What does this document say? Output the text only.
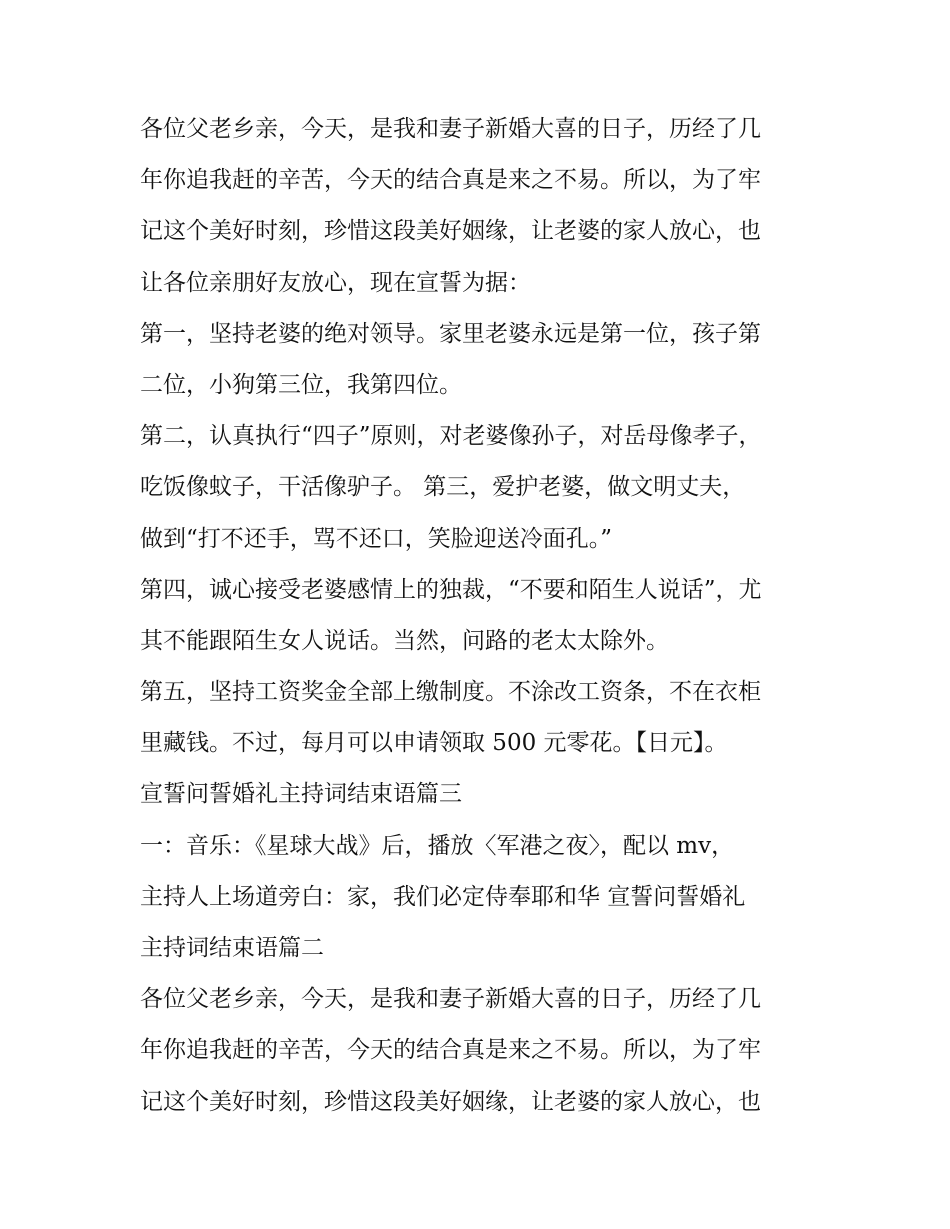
各位父老乡亲，今天，是我和妻子新婚大喜的日子，历经了几
年你追我赶的辛苦，今天的结合真是来之不易。所以，为了牢
记这个美好时刻，珍惜这段美好姻缘，让老婆的家人放心，也
让各位亲朋好友放心，现在宣誓为据：
第一，坚持老婆的绝对领导。家里老婆永远是第一位，孩子第
二位，小狗第三位，我第四位。
第二，认真执行“四子”原则，对老婆像孙子，对岳母像孝子，
吃饭像蚊子，干活像驴子。 第三，爱护老婆，做文明丈夫，
做到“打不还手，骂不还口，笑脸迎送冷面孔。”
第四，诚心接受老婆感情上的独裁，“不要和陌生人说话”，尤
其不能跟陌生女人说话。当然，问路的老太太除外。
第五，坚持工资奖金全部上缴制度。不涂改工资条，不在衣柜
里藏钱。不过，每月可以申请领取 500 元零花。【日元】。
宣誓问誓婚礼主持词结束语篇三
一：音乐：《星球大战》后，播放〈军港之夜〉，配以 mv，
主持人上场道旁白：家，我们必定侍奉耶和华 宣誓问誓婚礼
主持词结束语篇二
各位父老乡亲，今天，是我和妻子新婚大喜的日子，历经了几
年你追我赶的辛苦，今天的结合真是来之不易。所以，为了牢
记这个美好时刻，珍惜这段美好姻缘，让老婆的家人放心，也
